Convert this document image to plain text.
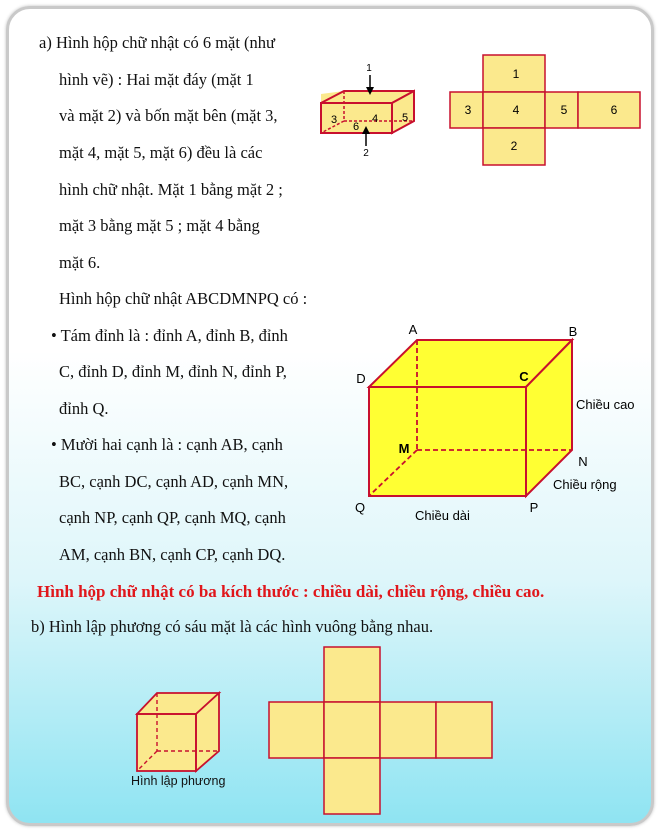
a) Hình hộp chữ nhật có 6 mặt (như
hình vẽ) : Hai mặt đáy (mặt 1
và mặt 2) và bốn mặt bên (mặt 3,
mặt 4, mặt 5, mặt 6) đều là các
hình chữ nhật. Mặt 1 bằng mặt 2 ;
mặt 3 bằng mặt 5 ; mặt 4 bằng
mặt 6.
Hình hộp chữ nhật ABCDMNPQ có :
• Tám đỉnh là : đỉnh A, đỉnh B, đỉnh
C, đỉnh D, đỉnh M, đỉnh N, đỉnh P,
đỉnh Q.
• Mười hai cạnh là : cạnh AB, cạnh
BC, cạnh DC, cạnh AD, cạnh MN,
cạnh NP, cạnh QP, cạnh MQ, cạnh
AM, cạnh BN, cạnh CP, cạnh DQ.
Hình hộp chữ nhật có ba kích thước : chiều dài, chiều rộng, chiều cao.
b) Hình lập phương có sáu mặt là các hình vuông bằng nhau.
1
2
3	4 5
6
1
3	4	5	6
2
A	B
C
D
M
N
P
Q
Chiều cao
Chiều rộng
Chiều dài
Hình lập phương
